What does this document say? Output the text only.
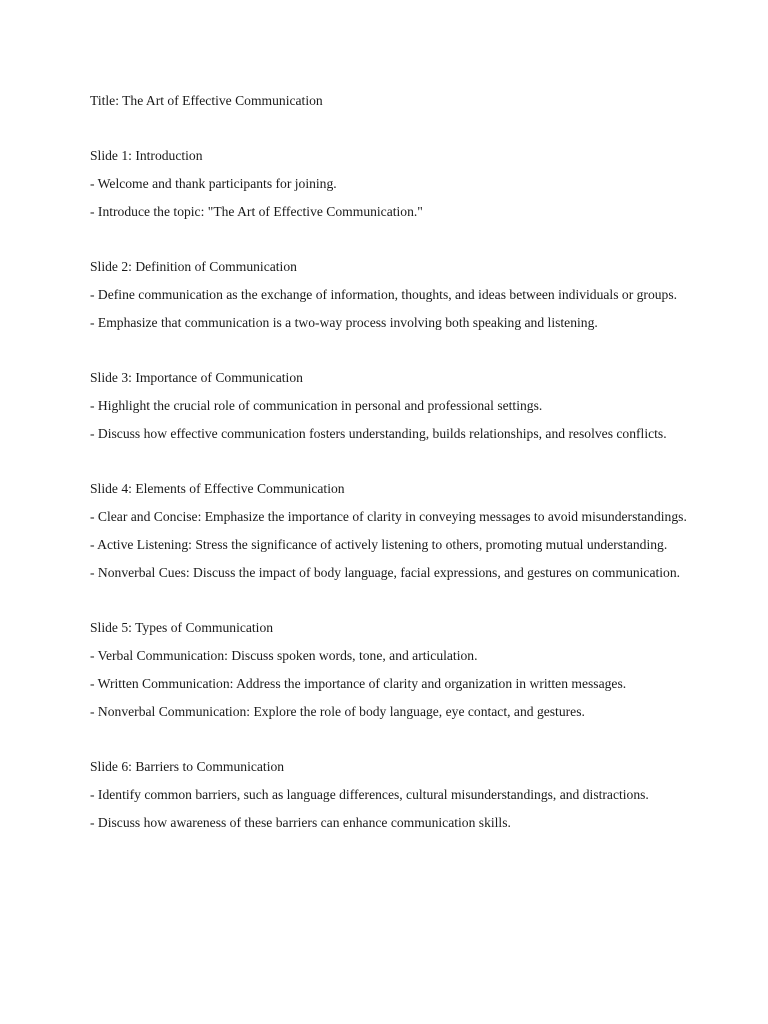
Title: The Art of Effective Communication
Slide 1: Introduction
- Welcome and thank participants for joining.
- Introduce the topic: "The Art of Effective Communication."
Slide 2: Definition of Communication
- Define communication as the exchange of information, thoughts, and ideas between individuals or groups.
- Emphasize that communication is a two-way process involving both speaking and listening.
Slide 3: Importance of Communication
- Highlight the crucial role of communication in personal and professional settings.
- Discuss how effective communication fosters understanding, builds relationships, and resolves conflicts.
Slide 4: Elements of Effective Communication
- Clear and Concise: Emphasize the importance of clarity in conveying messages to avoid misunderstandings.
- Active Listening: Stress the significance of actively listening to others, promoting mutual understanding.
- Nonverbal Cues: Discuss the impact of body language, facial expressions, and gestures on communication.
Slide 5: Types of Communication
- Verbal Communication: Discuss spoken words, tone, and articulation.
- Written Communication: Address the importance of clarity and organization in written messages.
- Nonverbal Communication: Explore the role of body language, eye contact, and gestures.
Slide 6: Barriers to Communication
- Identify common barriers, such as language differences, cultural misunderstandings, and distractions.
- Discuss how awareness of these barriers can enhance communication skills.
